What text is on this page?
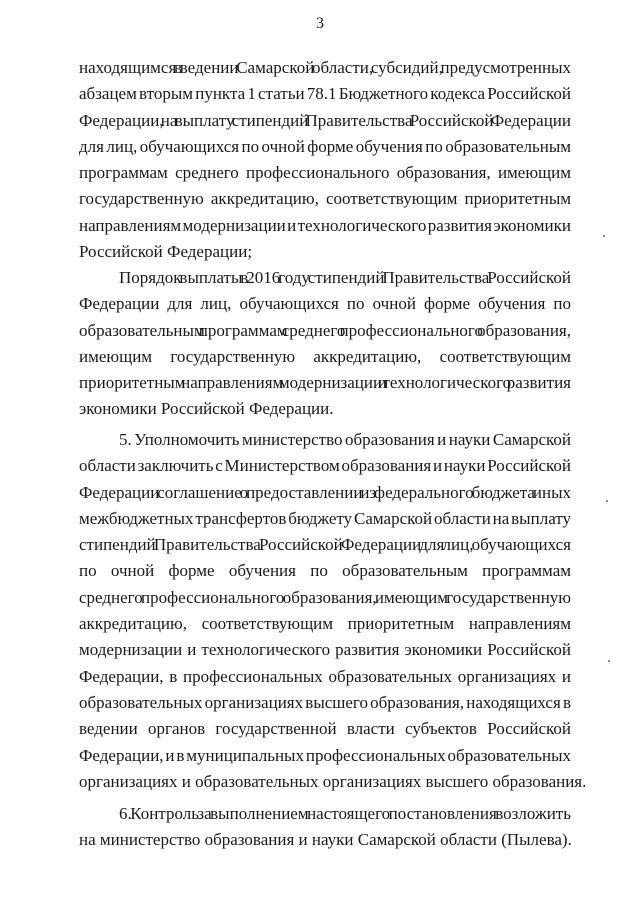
3
находящимся в ведении Самарской области, субсидий, предусмотренных
абзацем вторым пункта 1 статьи 78.1 Бюджетного кодекса Российской
Федерации, на выплату стипендий Правительства Российской Федерации
для лиц, обучающихся по очной форме обучения по образовательным
программам среднего профессионального образования, имеющим
государственную аккредитацию, соответствующим приоритетным
направлениям модернизации и технологического развития экономики
Российской Федерации;
Порядок выплаты в 2016 году стипендий Правительства Российской
Федерации для лиц, обучающихся по очной форме обучения по
образовательным программам среднего профессионального образования,
имеющим государственную аккредитацию, соответствующим
приоритетным направлениям модернизации и технологического развития
экономики Российской Федерации.
5. Уполномочить министерство образования и науки Самарской
области заключить с Министерством образования и науки Российской
Федерации соглашение о предоставлении из федерального бюджета иных
межбюджетных трансфертов бюджету Самарской области на выплату
стипендий Правительства Российской Федерации для лиц, обучающихся
по очной форме обучения по образовательным программам
среднего профессионального образования, имеющим государственную
аккредитацию, соответствующим приоритетным направлениям
модернизации и технологического развития экономики Российской
Федерации, в профессиональных образовательных организациях и
образовательных организациях высшего образования, находящихся в
ведении органов государственной власти субъектов Российской
Федерации, и в муниципальных профессиональных образовательных
организациях и образовательных организациях высшего образования.
6. Контроль за выполнением настоящего постановления возложить
на министерство образования и науки Самарской области (Пылева).
